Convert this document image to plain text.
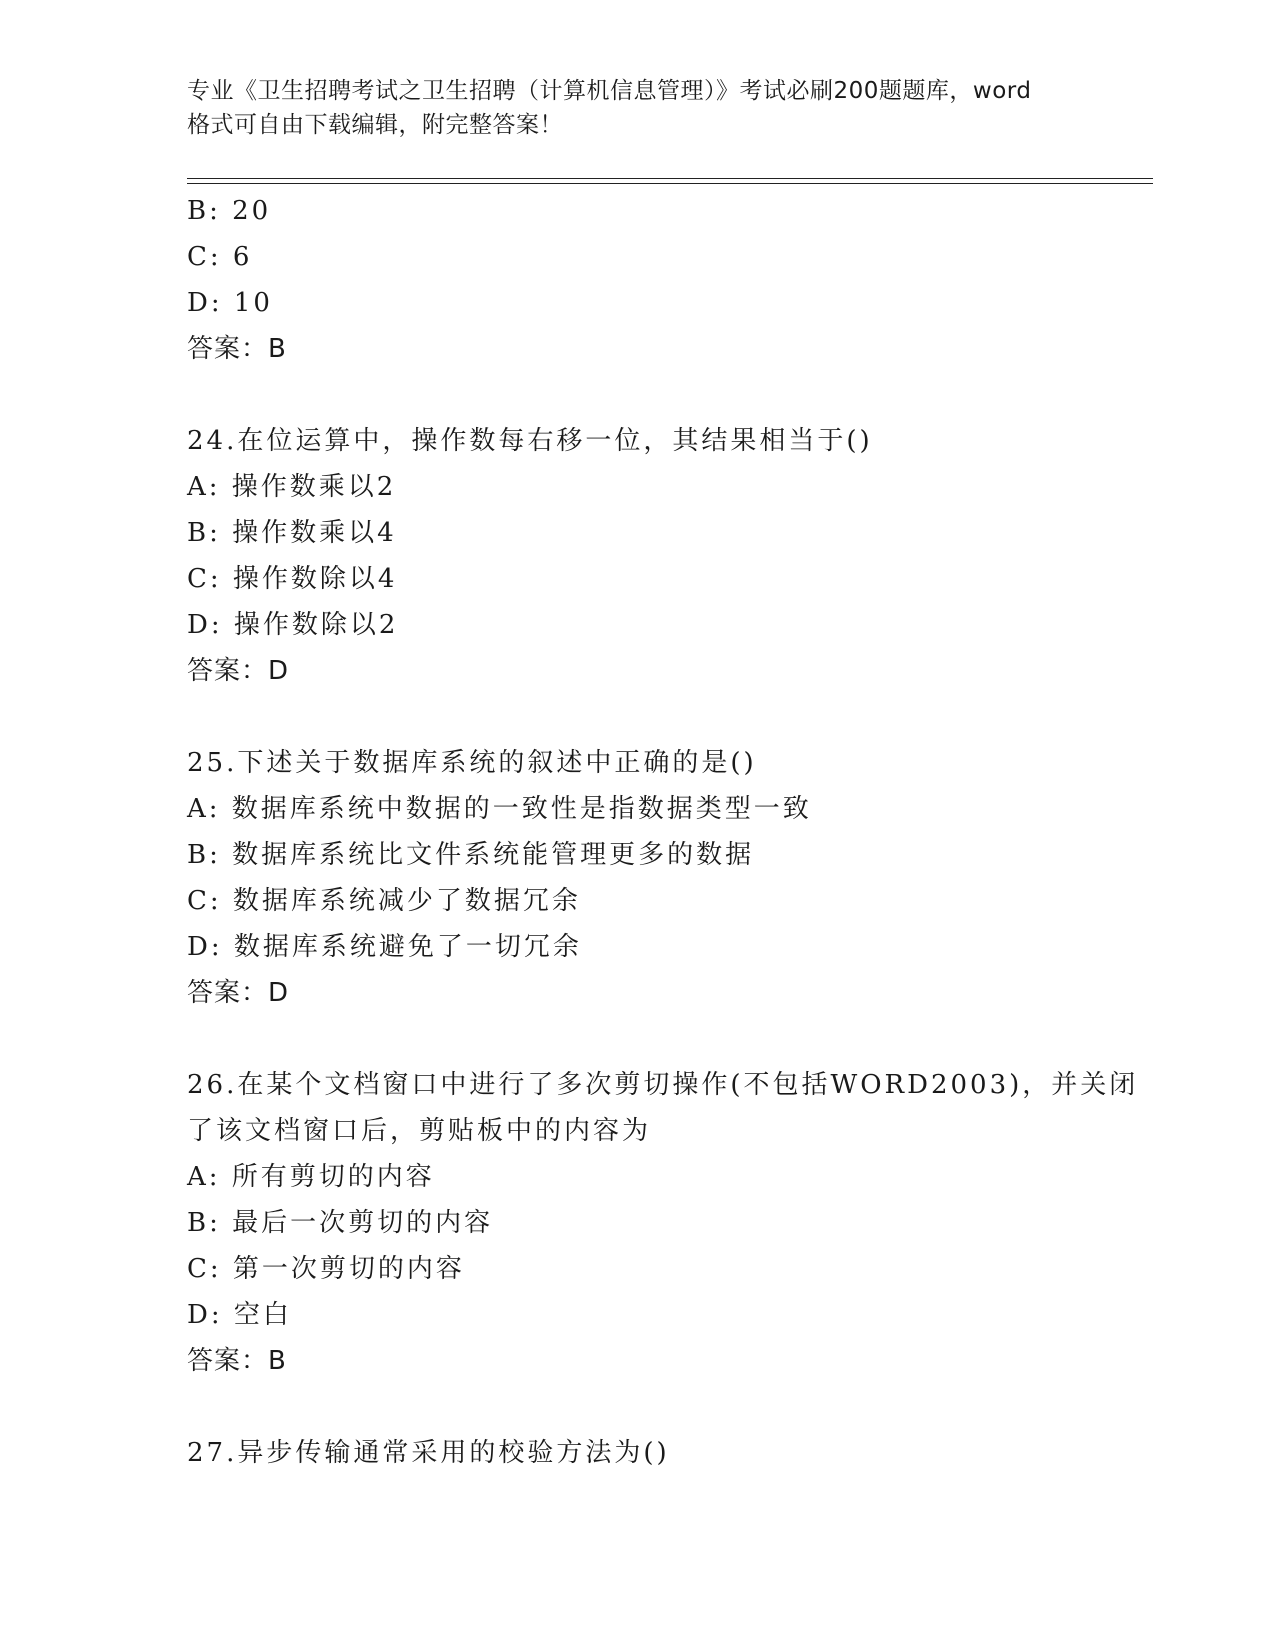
专业《卫生招聘考试之卫生招聘（计算机信息管理）》考试必刷200题题库，word
格式可自由下载编辑，附完整答案！
B: 20
C: 6
D: 10
答案：B
24.在位运算中，操作数每右移一位，其结果相当于()
A: 操作数乘以2
B: 操作数乘以4
C: 操作数除以4
D: 操作数除以2
答案：D
25.下述关于数据库系统的叙述中正确的是()
A: 数据库系统中数据的一致性是指数据类型一致
B: 数据库系统比文件系统能管理更多的数据
C: 数据库系统减少了数据冗余
D: 数据库系统避免了一切冗余
答案：D
26.在某个文档窗口中进行了多次剪切操作(不包括WORD2003)，并关闭
了该文档窗口后，剪贴板中的内容为
A: 所有剪切的内容
B: 最后一次剪切的内容
C: 第一次剪切的内容
D: 空白
答案：B
27.异步传输通常采用的校验方法为()
